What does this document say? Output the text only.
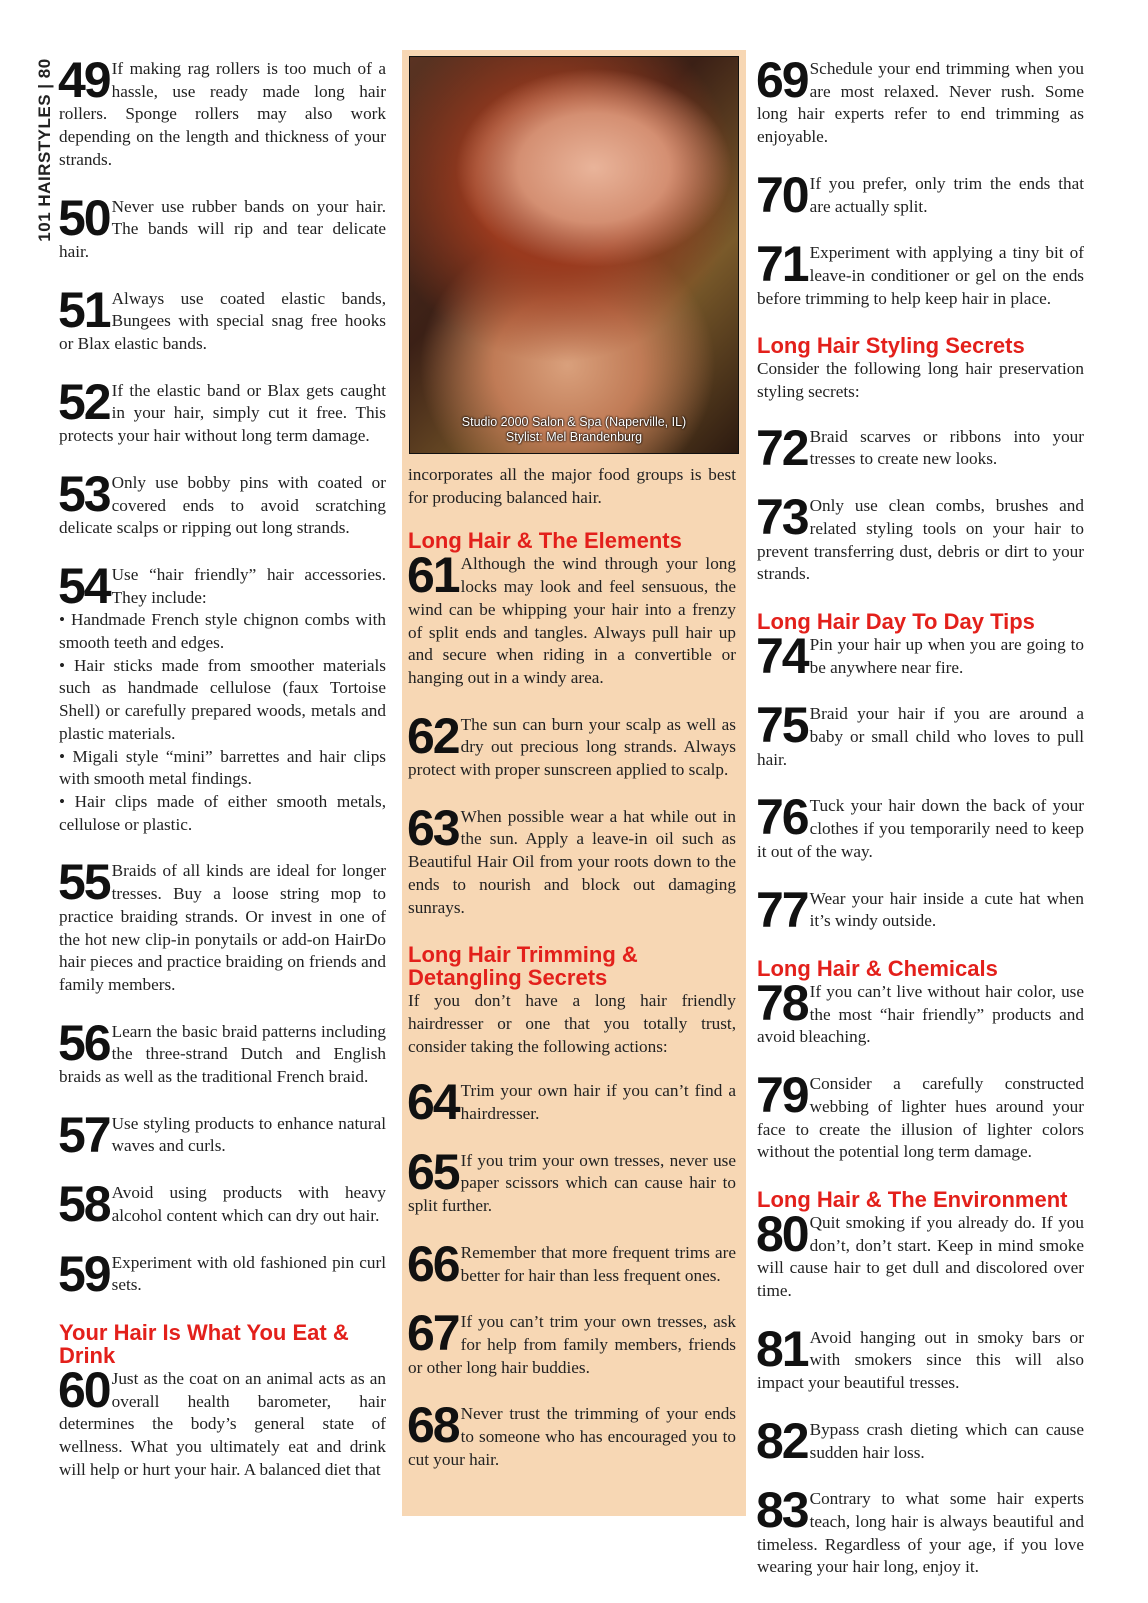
101 HAIRSTYLES | 80 49 If making rag rollers is too much of a hassle, use ready made long hair rollers. Sponge rollers may also work depending on the length and thickness of your strands.

50 Never use rubber bands on your hair. The bands will rip and tear delicate hair.

51 Always use coated elastic bands, Bungees with special snag free hooks or Blax elastic bands.

52 If the elastic band or Blax gets caught in your hair, simply cut it free. This protects your hair without long term damage.

53 Only use bobby pins with coated or covered ends to avoid scratching delicate scalps or ripping out long strands.

54 Use “hair friendly” hair accessories. They include:

• Handmade French style chignon combs with smooth teeth and edges.

• Hair sticks made from smoother materials such as handmade cellulose (faux Tortoise Shell) or carefully prepared woods, metals and plastic materials.

• Migali style “mini” barrettes and hair clips with smooth metal findings.

• Hair clips made of either smooth metals, cellulose or plastic.

55 Braids of all kinds are ideal for longer tresses. Buy a loose string mop to practice braiding strands. Or invest in one of the hot new clip-in ponytails or add-on HairDo hair pieces and practice braiding on friends and family members.

56 Learn the basic braid patterns including the three-strand Dutch and English braids as well as the traditional French braid.

57 Use styling products to enhance natural waves and curls.

58 Avoid using products with heavy alcohol content which can dry out hair.

59 Experiment with old fashioned pin curl sets.

Your Hair Is What You Eat & Drink

60 Just as the coat on an animal acts as an overall health barometer, hair determines the body’s general state of wellness. What you ultimately eat and drink will help or hurt your hair. A balanced diet that

Studio 2000 Salon & Spa (Naperville, IL)
Stylist: Mel Brandenburg

incorporates all the major food groups is best for producing balanced hair.

Long Hair & The Elements

61 Although the wind through your long locks may look and feel sensuous, the wind can be whipping your hair into a frenzy of split ends and tangles. Always pull hair up and secure when riding in a convertible or hanging out in a windy area.

62 The sun can burn your scalp as well as dry out precious long strands. Always protect with proper sunscreen applied to scalp.

63 When possible wear a hat while out in the sun. Apply a leave-in oil such as Beautiful Hair Oil from your roots down to the ends to nourish and block out damaging sunrays.

Long Hair Trimming & Detangling Secrets

If you don’t have a long hair friendly hairdresser or one that you totally trust, consider taking the following actions:

64 Trim your own hair if you can’t find a hairdresser.

65 If you trim your own tresses, never use paper scissors which can cause hair to split further.

66 Remember that more frequent trims are better for hair than less frequent ones.

67 If you can’t trim your own tresses, ask for help from family members, friends or other long hair buddies.

68 Never trust the trimming of your ends to someone who has encouraged you to cut your hair.

69 Schedule your end trimming when you are most relaxed. Never rush. Some long hair experts refer to end trimming as enjoyable.

70 If you prefer, only trim the ends that are actually split.

71 Experiment with applying a tiny bit of leave-in conditioner or gel on the ends before trimming to help keep hair in place.

Long Hair Styling Secrets

Consider the following long hair preservation styling secrets:

72 Braid scarves or ribbons into your tresses to create new looks.

73 Only use clean combs, brushes and related styling tools on your hair to prevent transferring dust, debris or dirt to your strands.

Long Hair Day To Day Tips

74 Pin your hair up when you are going to be anywhere near fire.

75 Braid your hair if you are around a baby or small child who loves to pull hair.

76 Tuck your hair down the back of your clothes if you temporarily need to keep it out of the way.

77 Wear your hair inside a cute hat when it’s windy outside.

Long Hair & Chemicals

78 If you can’t live without hair color, use the most “hair friendly” products and avoid bleaching.

79 Consider a carefully constructed webbing of lighter hues around your face to create the illusion of lighter colors without the potential long term damage.

Long Hair & The Environment

80 Quit smoking if you already do. If you don’t, don’t start. Keep in mind smoke will cause hair to get dull and discolored over time.

81 Avoid hanging out in smoky bars or with smokers since this will also impact your beautiful tresses.

82 Bypass crash dieting which can cause sudden hair loss.

83 Contrary to what some hair experts teach, long hair is always beautiful and timeless. Regardless of your age, if you love wearing your hair long, enjoy it.
